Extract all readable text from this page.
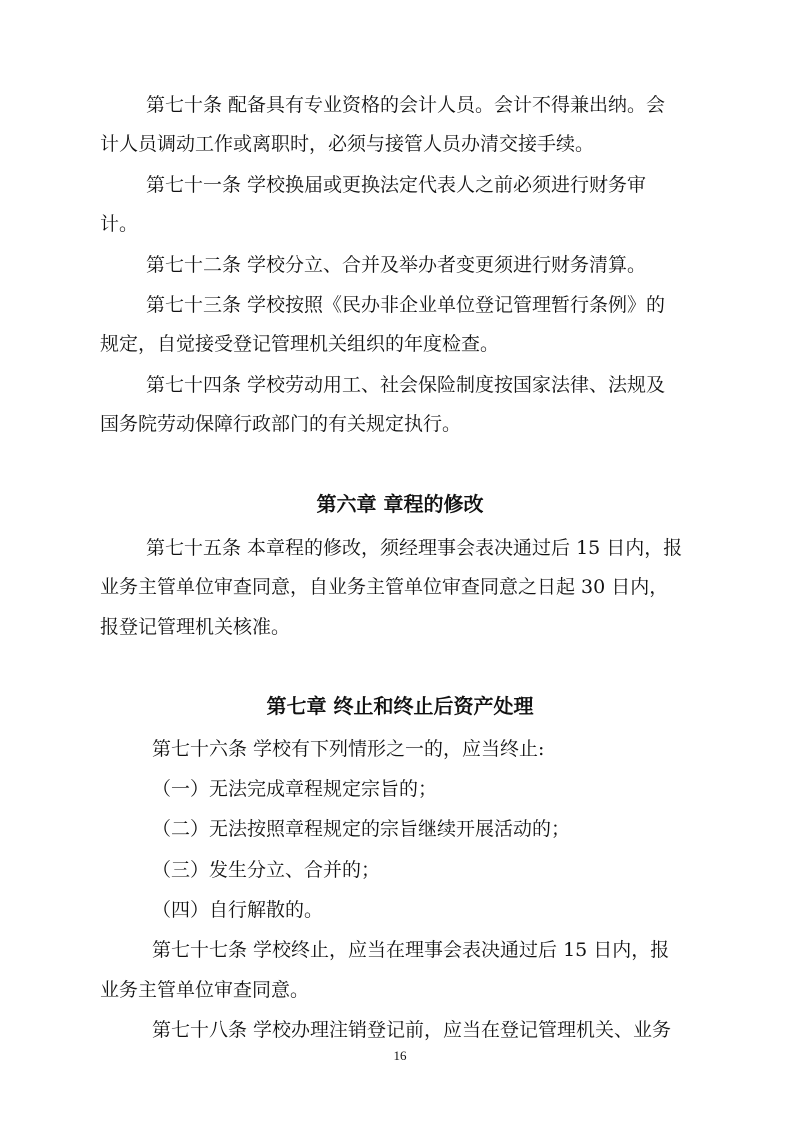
第七十条 配备具有专业资格的会计人员。会计不得兼出纳。会
计人员调动工作或离职时，必须与接管人员办清交接手续。
第七十一条 学校换届或更换法定代表人之前必须进行财务审
计。
第七十二条 学校分立、合并及举办者变更须进行财务清算。
第七十三条 学校按照《民办非企业单位登记管理暂行条例》的
规定，自觉接受登记管理机关组织的年度检查。
第七十四条 学校劳动用工、社会保险制度按国家法律、法规及
国务院劳动保障行政部门的有关规定执行。
第六章 章程的修改
第七十五条 本章程的修改，须经理事会表决通过后 15 日内，报
业务主管单位审查同意，自业务主管单位审查同意之日起 30 日内，
报登记管理机关核准。
第七章 终止和终止后资产处理
第七十六条 学校有下列情形之一的，应当终止:
（一）无法完成章程规定宗旨的；
（二）无法按照章程规定的宗旨继续开展活动的；
（三）发生分立、合并的；
（四）自行解散的。
第七十七条 学校终止，应当在理事会表决通过后 15 日内，报
业务主管单位审查同意。
第七十八条 学校办理注销登记前，应当在登记管理机关、业务
16
